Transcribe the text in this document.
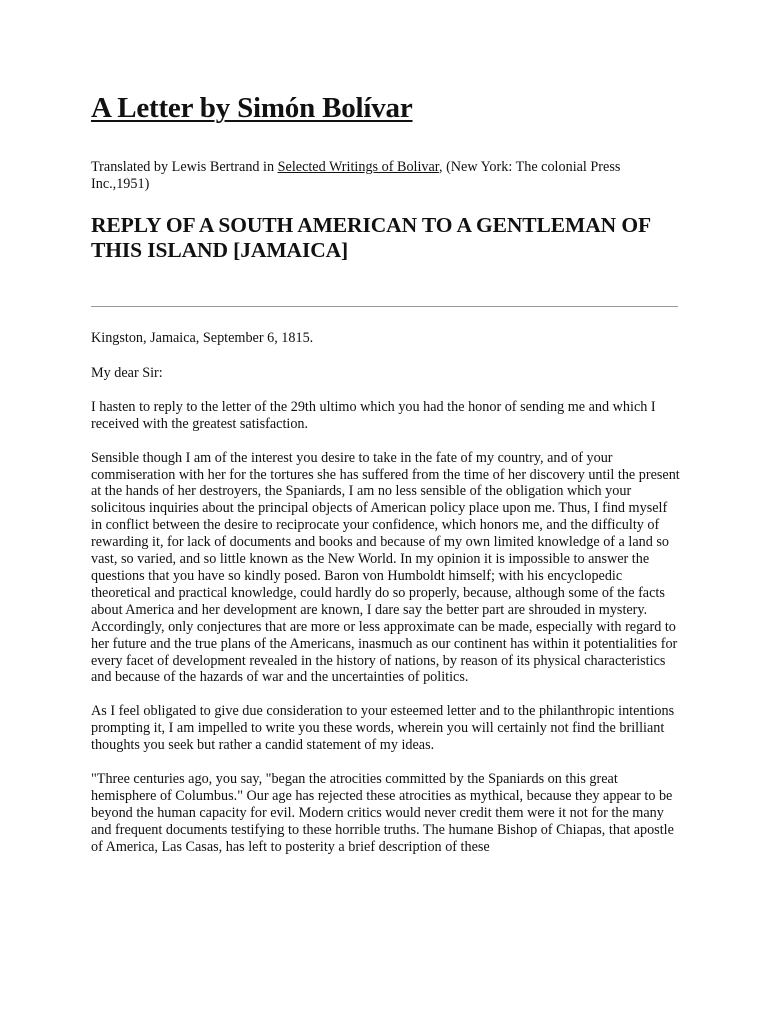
A Letter by Simón Bolívar
Translated by Lewis Bertrand in Selected Writings of Bolivar, (New York: The colonial Press Inc.,1951)
REPLY OF A SOUTH AMERICAN TO A GENTLEMAN OF THIS ISLAND [JAMAICA]

Kingston, Jamaica, September 6, 1815.

My dear Sir:

I hasten to reply to the letter of the 29th ultimo which you had the honor of sending me and which I received with the greatest satisfaction.

Sensible though I am of the interest you desire to take in the fate of my country, and of your commiseration with her for the tortures she has suffered from the time of her discovery until the present at the hands of her destroyers, the Spaniards, I am no less sensible of the obligation which your solicitous inquiries about the principal objects of American policy place upon me. Thus, I find myself in conflict between the desire to reciprocate your confidence, which honors me, and the difficulty of rewarding it, for lack of documents and books and because of my own limited knowledge of a land so vast, so varied, and so little known as the New World. In my opinion it is impossible to answer the questions that you have so kindly posed. Baron von Humboldt himself; with his encyclopedic theoretical and practical knowledge, could hardly do so properly, because, although some of the facts about America and her development are known, I dare say the better part are shrouded in mystery. Accordingly, only conjectures that are more or less approximate can be made, especially with regard to her future and the true plans of the Americans, inasmuch as our continent has within it potentialities for every facet of development revealed in the history of nations, by reason of its physical characteristics and because of the hazards of war and the uncertainties of politics.

As I feel obligated to give due consideration to your esteemed letter and to the philanthropic intentions prompting it, I am impelled to write you these words, wherein you will certainly not find the brilliant thoughts you seek but rather a candid statement of my ideas.

"Three centuries ago, you say, "began the atrocities committed by the Spaniards on this great hemisphere of Columbus." Our age has rejected these atrocities as mythical, because they appear to be beyond the human capacity for evil. Modern critics would never credit them were it not for the many and frequent documents testifying to these horrible truths. The humane Bishop of Chiapas, that apostle of America, Las Casas, has left to posterity a brief description of these
